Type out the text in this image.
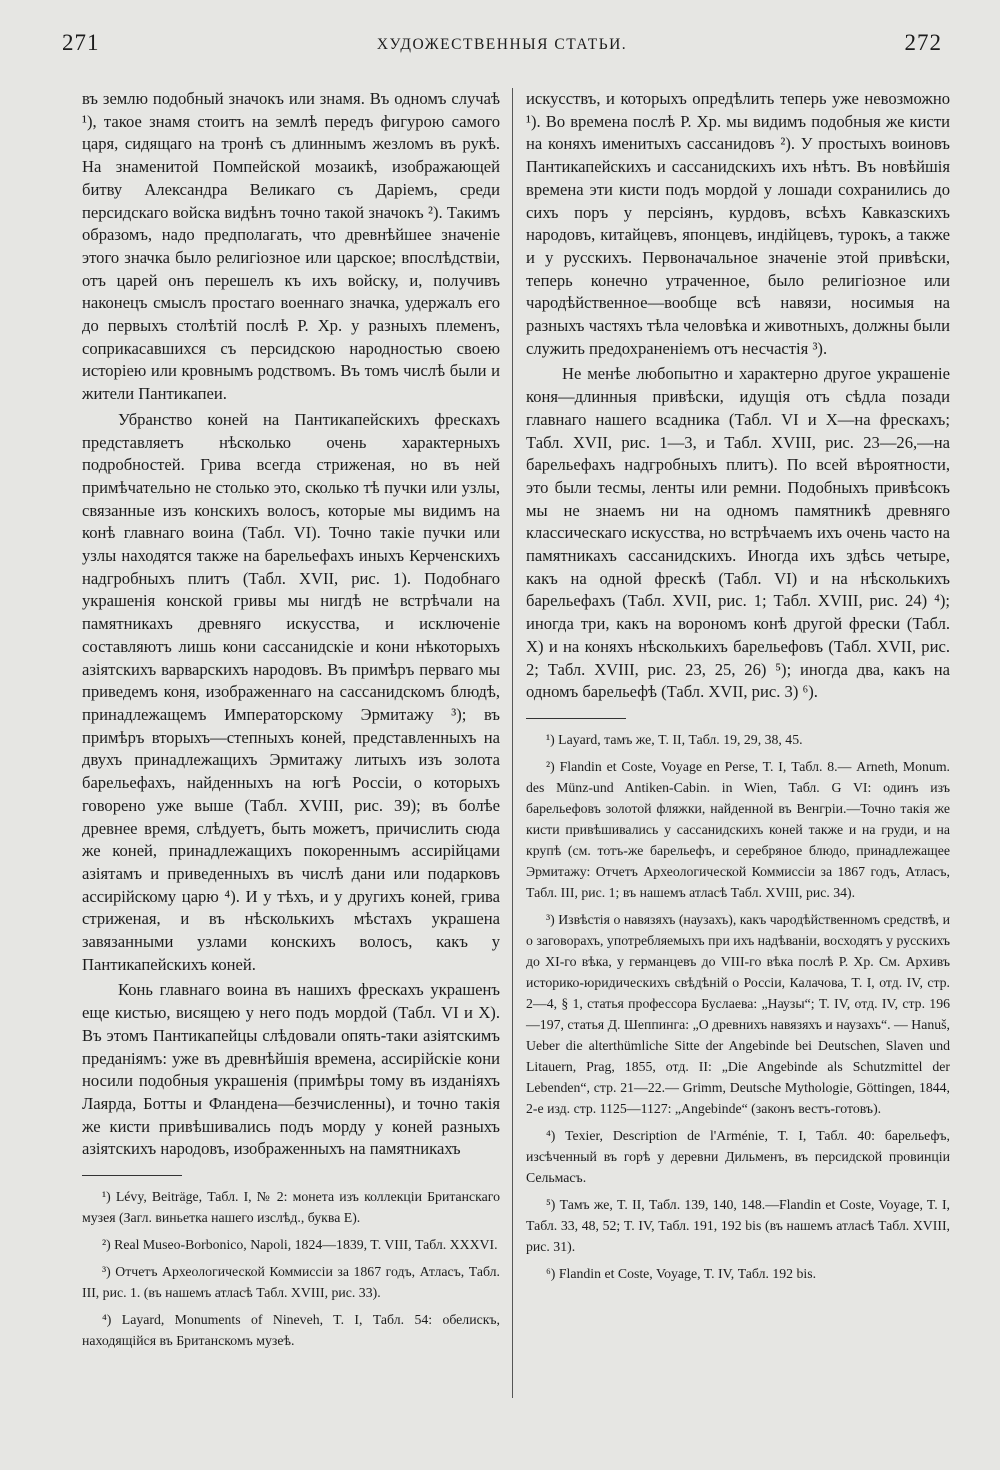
271	ХУДОЖЕСТВЕННЫЯ СТАТЬИ.	272

въ землю подобный значокъ или знамя. Въ одномъ случаѣ ¹), такое знамя стоитъ на землѣ передъ фигурою самого царя, сидящаго на тронѣ съ длиннымъ жезломъ въ рукѣ. На знаменитой Помпейской мозаикѣ, изображающей битву Александра Великаго съ Даріемъ, среди персидскаго войска видѣнъ точно такой значокъ ²). Такимъ образомъ, надо предполагать, что древнѣйшее значеніе этого значка было религіозное или царское; впослѣдствіи, отъ царей онъ перешелъ къ ихъ войску, и, получивъ наконецъ смыслъ простаго военнаго значка, удержалъ его до первыхъ столѣтій послѣ Р. Хр. у разныхъ племенъ, соприкасавшихся съ персидскою народностью своею исторіею или кровнымъ родствомъ. Въ томъ числѣ были и жители Пантикапеи.

Убранство коней на Пантикапейскихъ фрескахъ представляетъ нѣсколько очень характерныхъ подробностей. Грива всегда стриженая, но въ ней примѣчательно не столько это, сколько тѣ пучки или узлы, связанные изъ конскихъ волосъ, которые мы видимъ на конѣ главнаго воина (Табл. VI). Точно такіе пучки или узлы находятся также на барельефахъ иныхъ Керченскихъ надгробныхъ плитъ (Табл. XVII, рис. 1). Подобнаго украшенія конской гривы мы нигдѣ не встрѣчали на памятникахъ древняго искусства, и исключеніе составляютъ лишь кони сассанидскіе и кони нѣкоторыхъ азіятскихъ варварскихъ народовъ. Въ примѣръ перваго мы приведемъ коня, изображеннаго на сассанидскомъ блюдѣ, принадлежащемъ Императорскому Эрмитажу ³); въ примѣръ вторыхъ—степныхъ коней, представленныхъ на двухъ принадлежащихъ Эрмитажу литыхъ изъ золота барельефахъ, найденныхъ на югѣ Россіи, о которыхъ говорено уже выше (Табл. XVIII, рис. 39); въ болѣе древнее время, слѣдуетъ, быть можетъ, причислить сюда же коней, принадлежащихъ покореннымъ ассирійцами азіятамъ и приведенныхъ въ числѣ дани или подарковъ ассирійскому царю ⁴). И у тѣхъ, и у другихъ коней, грива стриженая, и въ нѣсколькихъ мѣстахъ украшена завязанными узлами конскихъ волосъ, какъ у Пантикапейскихъ коней.

Конь главнаго воина въ нашихъ фрескахъ украшенъ еще кистью, висящею у него подъ мордой (Табл. VI и X). Въ этомъ Пантикапейцы слѣдовали опять-таки азіятскимъ преданіямъ: уже въ древнѣйшія времена, ассирійскіе кони носили подобныя украшенія (примѣры тому въ изданіяхъ Лаярда, Ботты и Фландена—безчисленны), и точно такія же кисти привѣшивались подъ морду у коней разныхъ азіятскихъ народовъ, изображенныхъ на памятникахъ

¹) Lévy, Beiträge, Табл. I, № 2: монета изъ коллекціи Британскаго музея (Загл. виньетка нашего изслѣд., буква E).

²) Real Museo-Borbonico, Napoli, 1824—1839, T. VIII, Табл. XXXVI.

³) Отчетъ Археологической Коммиссіи за 1867 годъ, Атласъ, Табл. III, рис. 1. (въ нашемъ атласѣ Табл. XVIII, рис. 33).

⁴) Layard, Monuments of Nineveh, T. I, Табл. 54: обелискъ, находящійся въ Британскомъ музеѣ.

искусствъ, и которыхъ опредѣлить теперь уже невозможно ¹). Во времена послѣ Р. Хр. мы видимъ подобныя же кисти на коняхъ именитыхъ сассанидовъ ²). У простыхъ воиновъ Пантикапейскихъ и сассанидскихъ ихъ нѣтъ. Въ новѣйшія времена эти кисти подъ мордой у лошади сохранились до сихъ поръ у персіянъ, курдовъ, всѣхъ Кавказскихъ народовъ, китайцевъ, японцевъ, индійцевъ, турокъ, а также и у русскихъ. Первоначальное значеніе этой привѣски, теперь конечно утраченное, было религіозное или чародѣйственное—вообще всѣ навязи, носимыя на разныхъ частяхъ тѣла человѣка и животныхъ, должны были служить предохраненіемъ отъ несчастія ³).

Не менѣе любопытно и характерно другое украшеніе коня—длинныя привѣски, идущія отъ сѣдла позади главнаго нашего всадника (Табл. VI и X—на фрескахъ; Табл. XVII, рис. 1—3, и Табл. XVIII, рис. 23—26,—на барельефахъ надгробныхъ плитъ). По всей вѣроятности, это были тесмы, ленты или ремни. Подобныхъ привѣсокъ мы не знаемъ ни на одномъ памятникѣ древняго классическаго искусства, но встрѣчаемъ ихъ очень часто на памятникахъ сассанидскихъ. Иногда ихъ здѣсь четыре, какъ на одной фрескѣ (Табл. VI) и на нѣсколькихъ барельефахъ (Табл. XVII, рис. 1; Табл. XVIII, рис. 24) ⁴); иногда три, какъ на ворономъ конѣ другой фрески (Табл. X) и на коняхъ нѣсколькихъ барельефовъ (Табл. XVII, рис. 2; Табл. XVIII, рис. 23, 25, 26) ⁵); иногда два, какъ на одномъ барельефѣ (Табл. XVII, рис. 3) ⁶).

¹) Layard, тамъ же, T. II, Табл. 19, 29, 38, 45.

²) Flandin et Coste, Voyage en Perse, T. I, Табл. 8.— Arneth, Monum. des Münz-und Antiken-Cabin. in Wien, Табл. G VI: одинъ изъ барельефовъ золотой фляжки, найденной въ Венгріи.—Точно такія же кисти привѣшивались у сассанидскихъ коней также и на груди, и на крупѣ (см. тотъ-же барельефъ, и серебряное блюдо, принадлежащее Эрмитажу: Отчетъ Археологической Коммиссіи за 1867 годъ, Атласъ, Табл. III, рис. 1; въ нашемъ атласѣ Табл. XVIII, рис. 34).

³) Извѣстія о навязяхъ (наузахъ), какъ чародѣйственномъ средствѣ, и о заговорахъ, употребляемыхъ при ихъ надѣваніи, восходятъ у русскихъ до XI-го вѣка, у германцевъ до VIII-го вѣка послѣ Р. Хр. См. Архивъ историко-юридическихъ свѣдѣній о Россіи, Калачова, T. I, отд. IV, стр. 2—4, § 1, статья профессора Буслаева: „Наузы“; T. IV, отд. IV, стр. 196—197, статья Д. Шеппинга: „О древнихъ навязяхъ и наузахъ“. — Hanuš, Ueber die alterthümliche Sitte der Angebinde bei Deutschen, Slaven und Litauern, Prag, 1855, отд. II: „Die Angebinde als Schutzmittel der Lebenden“, стр. 21—22.— Grimm, Deutsche Mythologie, Göttingen, 1844, 2-е изд. стр. 1125—1127: „Angebinde“ (законъ вестъ-готовъ).

⁴) Texier, Description de l'Arménie, T. I, Табл. 40: барельефъ, изсѣченный въ горѣ у деревни Дильменъ, въ персидской провинціи Сельмасъ.

⁵) Тамъ же, T. II, Табл. 139, 140, 148.—Flandin et Coste, Voyage, T. I, Табл. 33, 48, 52; T. IV, Табл. 191, 192 bis (въ нашемъ атласѣ Табл. XVIII, рис. 31).

⁶) Flandin et Coste, Voyage, T. IV, Табл. 192 bis.
